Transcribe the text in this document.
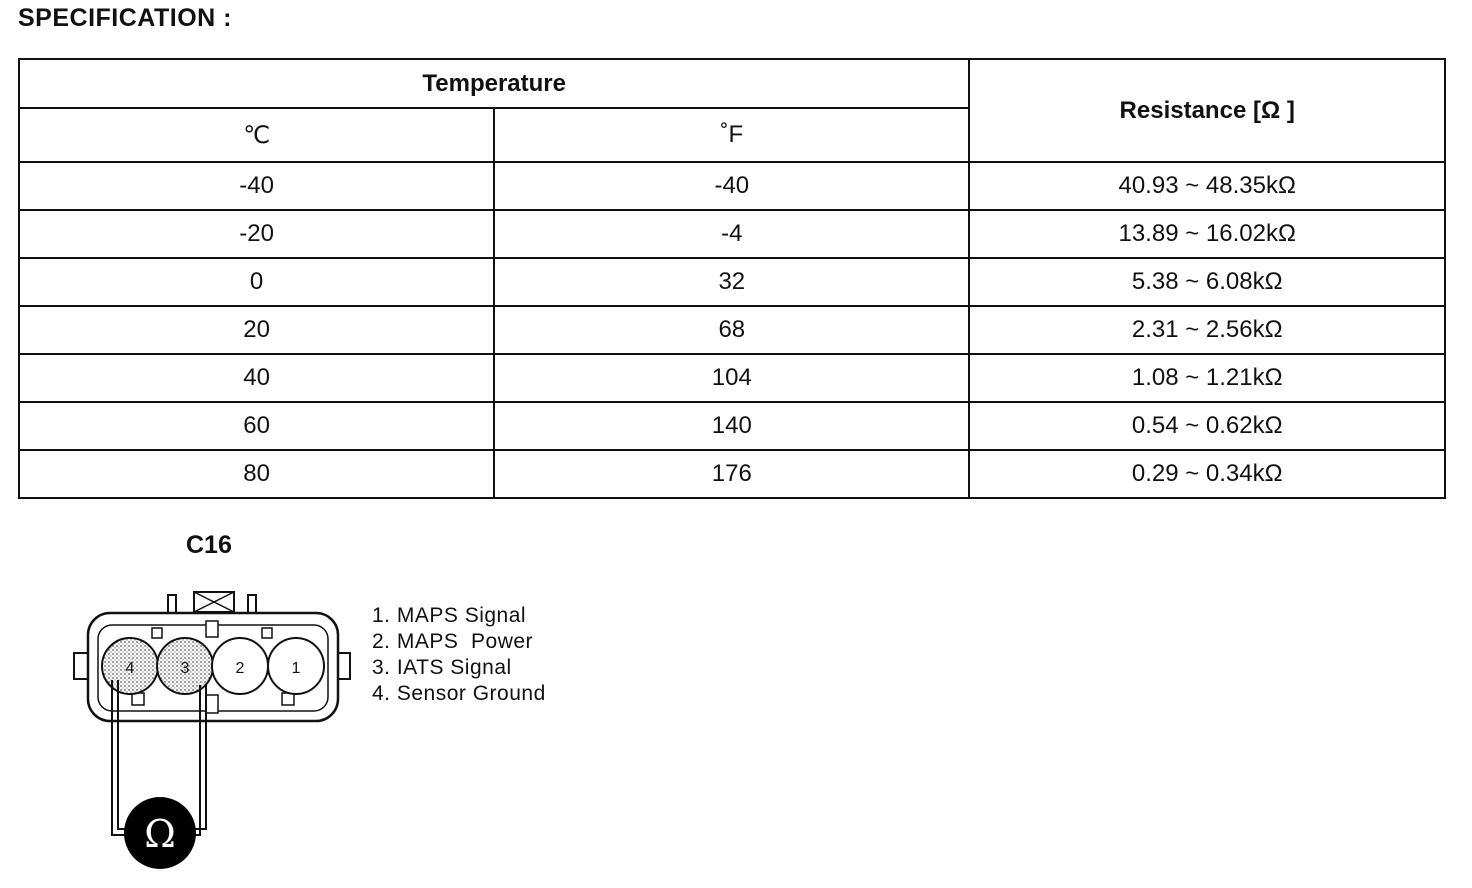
SPECIFICATION :
Temperature		Resistance [Ω ]
℃	˚F	
-40	-40	40.93 ~ 48.35kΩ
-20	-4	13.89 ~ 16.02kΩ
0	32	5.38 ~ 6.08kΩ
20	68	2.31 ~ 2.56kΩ
40	104	1.08 ~ 1.21kΩ
60	140	0.54 ~ 0.62kΩ
80	176	0.29 ~ 0.34kΩ
C16
4	3	2	1
Ω
1. MAPS Signal
2. MAPS  Power
3. IATS Signal
4. Sensor Ground
